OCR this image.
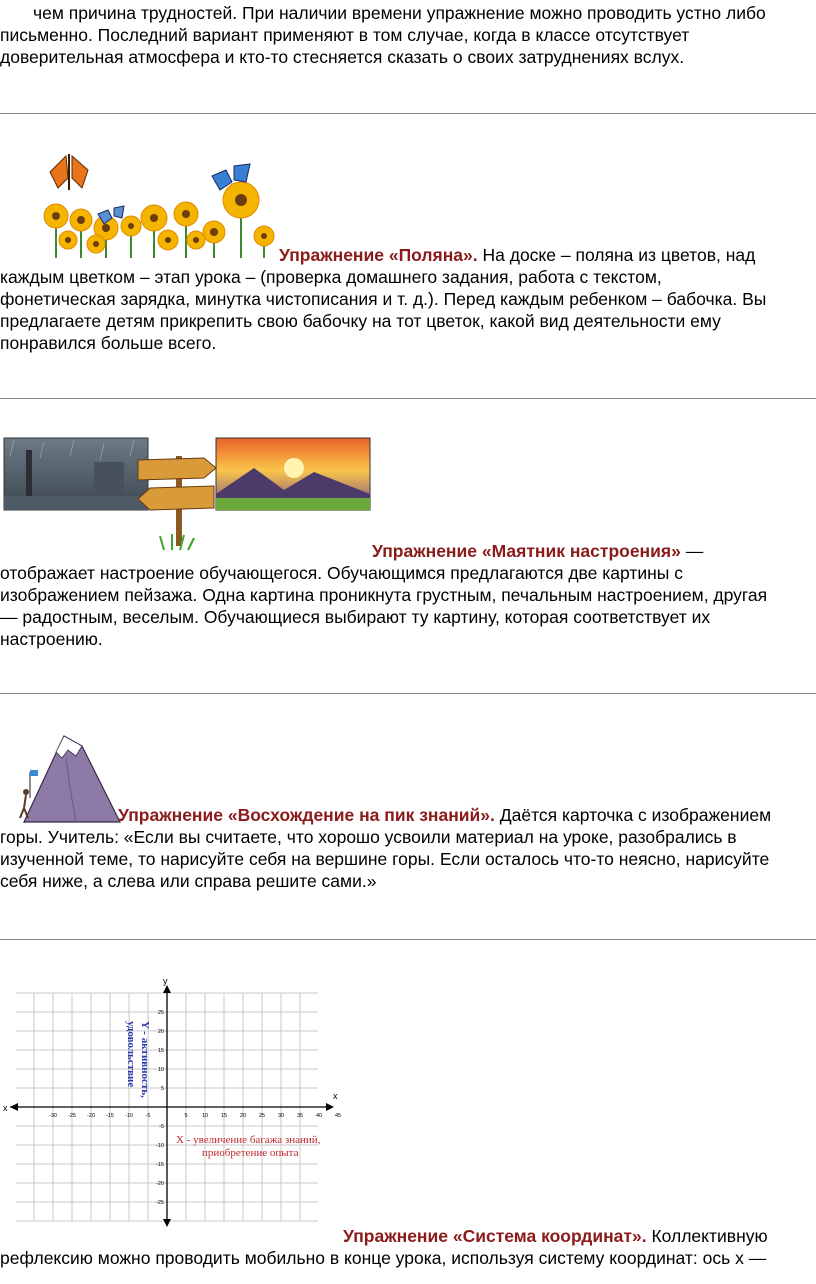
чем причина трудностей. При наличии времени упражнение можно проводить устно либо
письменно. Последний вариант применяют в том случае, когда в классе отсутствует
доверительная атмосфера и кто-то стесняется сказать о своих затруднениях вслух.
Упражнение «Поляна». На доске – поляна из цветов, над
каждым цветком – этап урока – (проверка домашнего задания, работа с текстом,
фонетическая зарядка, минутка чистописания и т. д.). Перед каждым ребенком – бабочка. Вы
предлагаете детям прикрепить свою бабочку на тот цветок, какой вид деятельности ему
понравился больше всего.
Упражнение «Маятник настроения» —
отображает настроение обучающегося. Обучающимся предлагаются две картины с
изображением пейзажа. Одна картина проникнута грустным, печальным настроением, другая
— радостным, веселым. Обучающиеся выбирают ту картину, которая соответствует их
настроению.
Упражнение «Восхождение на пик знаний». Даётся карточка с изображением
горы. Учитель: «Если вы считаете, что хорошо усвоили материал на уроке, разобрались в
изученной теме, то нарисуйте себя на вершине горы. Если осталось что-то неясно, нарисуйте
себя ниже, а слева или справа решите сами.»
x
x
y
-30 -25 -20 -15 -10 -5	5	10 15 20 25 30 35 40 45
25
20
15
10
5
-5
-10
-15
-20
-25
Y - активность,
удовольствие
X - увеличение багажа знаний,
приобретение опыта
Упражнение «Система координат». Коллективную
рефлексию можно проводить мобильно в конце урока, используя систему координат: ось х —
